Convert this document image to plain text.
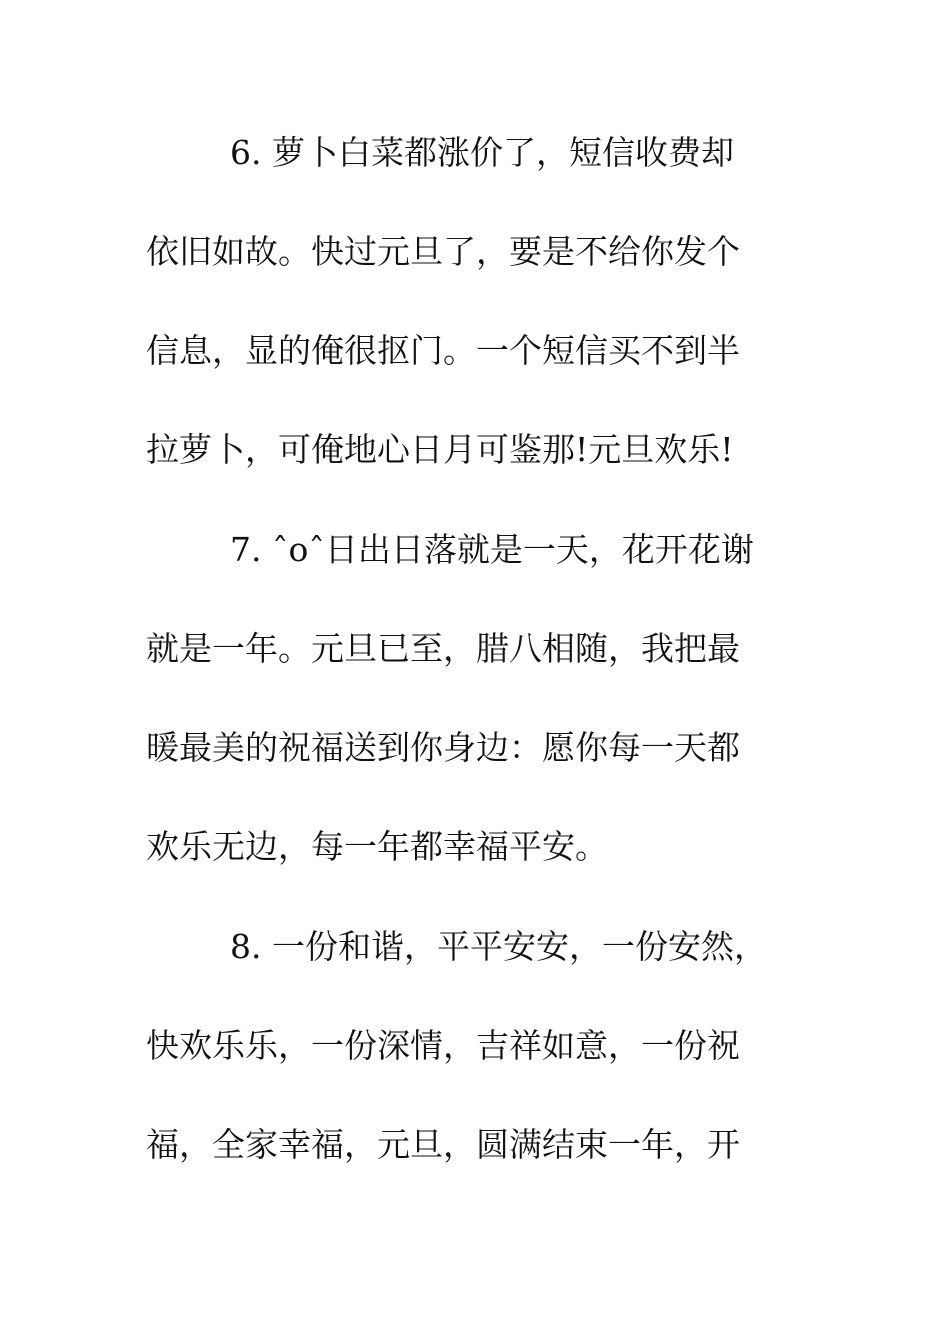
6. 萝卜白菜都涨价了，短信收费却
依旧如故。快过元旦了，要是不给你发个
信息，显的俺很抠门。一个短信买不到半
拉萝卜，可俺地心日月可鉴那!元旦欢乐!
7. ˆoˆ日出日落就是一天，花开花谢
就是一年。元旦已至，腊八相随，我把最
暖最美的祝福送到你身边：愿你每一天都
欢乐无边，每一年都幸福平安。
8. 一份和谐，平平安安，一份安然，
快欢乐乐，一份深情，吉祥如意，一份祝
福，全家幸福，元旦，圆满结束一年，开
